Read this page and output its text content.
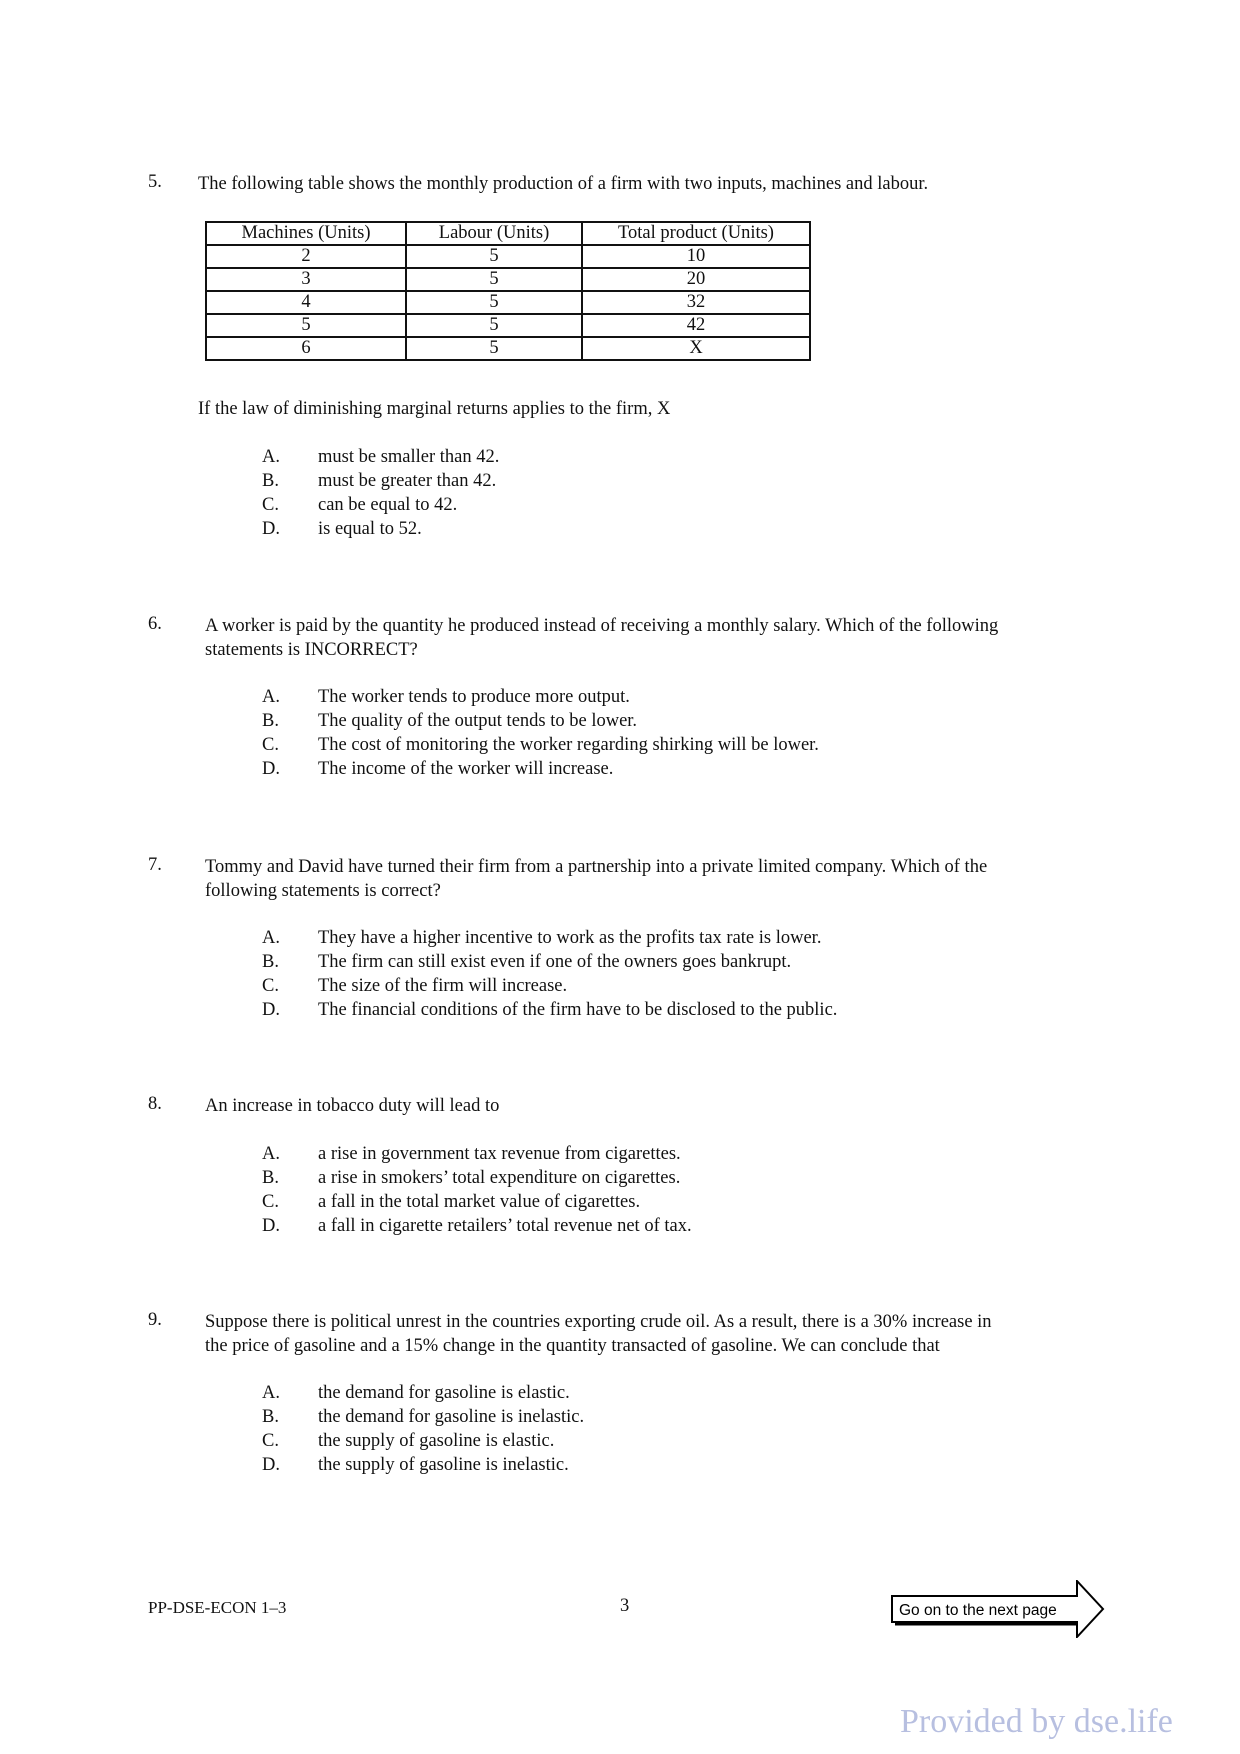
5. The following table shows the monthly production of a firm with two inputs, machines and labour.
Machines (Units)	Labour (Units)	Total product (Units)
2	5	10
3	5	20
4	5	32
5	5	42
6	5	X
If the law of diminishing marginal returns applies to the firm, X
A.	must be smaller than 42.
B.	must be greater than 42.
C.	can be equal to 42.
D.	is equal to 52.
6. A worker is paid by the quantity he produced instead of receiving a monthly salary. Which of the following
statements is INCORRECT?
A.	The worker tends to produce more output.
B.	The quality of the output tends to be lower.
C.	The cost of monitoring the worker regarding shirking will be lower.
D.	The income of the worker will increase.
7. Tommy and David have turned their firm from a partnership into a private limited company. Which of the
following statements is correct?
A.	They have a higher incentive to work as the profits tax rate is lower.
B.	The firm can still exist even if one of the owners goes bankrupt.
C.	The size of the firm will increase.
D.	The financial conditions of the firm have to be disclosed to the public.
8. An increase in tobacco duty will lead to
A.	a rise in government tax revenue from cigarettes.
B.	a rise in smokers’ total expenditure on cigarettes.
C.	a fall in the total market value of cigarettes.
D.	a fall in cigarette retailers’ total revenue net of tax.
9. Suppose there is political unrest in the countries exporting crude oil. As a result, there is a 30% increase in
the price of gasoline and a 15% change in the quantity transacted of gasoline. We can conclude that
A.	the demand for gasoline is elastic.
B.	the demand for gasoline is inelastic.
C.	the supply of gasoline is elastic.
D.	the supply of gasoline is inelastic.
PP-DSE-ECON 1–3	3	Go on to the next page
Provided by dse.life
